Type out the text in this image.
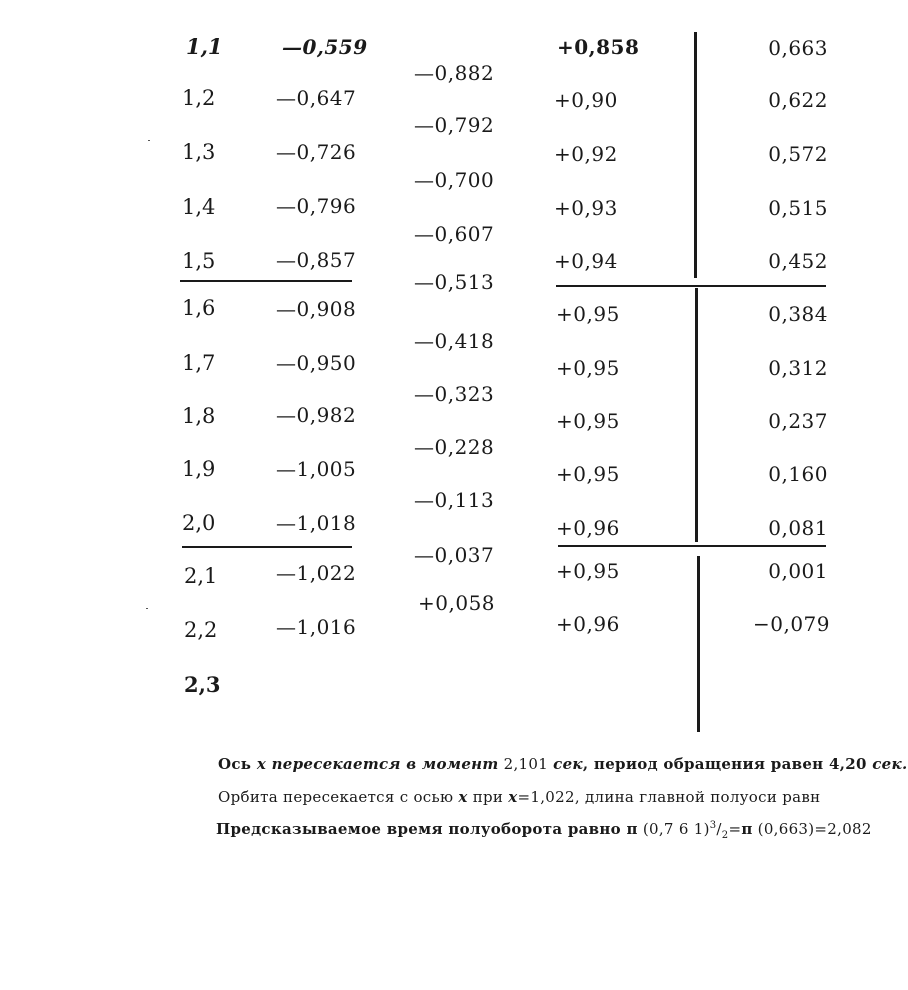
1,1
1,2
1,3
1,4
1,5
1,6
1,7
1,8
1,9
2,0
2,1
2,2
2,3
—0,559
—0,647
—0,726
—0,796
—0,857
—0,908
—0,950
—0,982
—1,005
—1,018
—1,022
—1,016
—0,882
—0,792
—0,700
—0,607
—0,513
—0,418
—0,323
—0,228
—0,113
—0,037
+0,058
+0,858
+0,90
+0,92
+0,93
+0,94
+0,95
+0,95
+0,95
+0,95
+0,96
+0,95
+0,96
0,663
0,622
0,572
0,515
0,452
0,384
0,312
0,237
0,160
0,081
0,001
−0,079
Ось x пересекается в момент 2,101 сек, период обращения равен 4,20 сек.
Орбита пересекается с осью x при x=1,022, длина главной полуоси равн
Предсказываемое время полуоборота равно π (0,7 6 $1)^3/_2=\pi$ (0,663)=2,082
